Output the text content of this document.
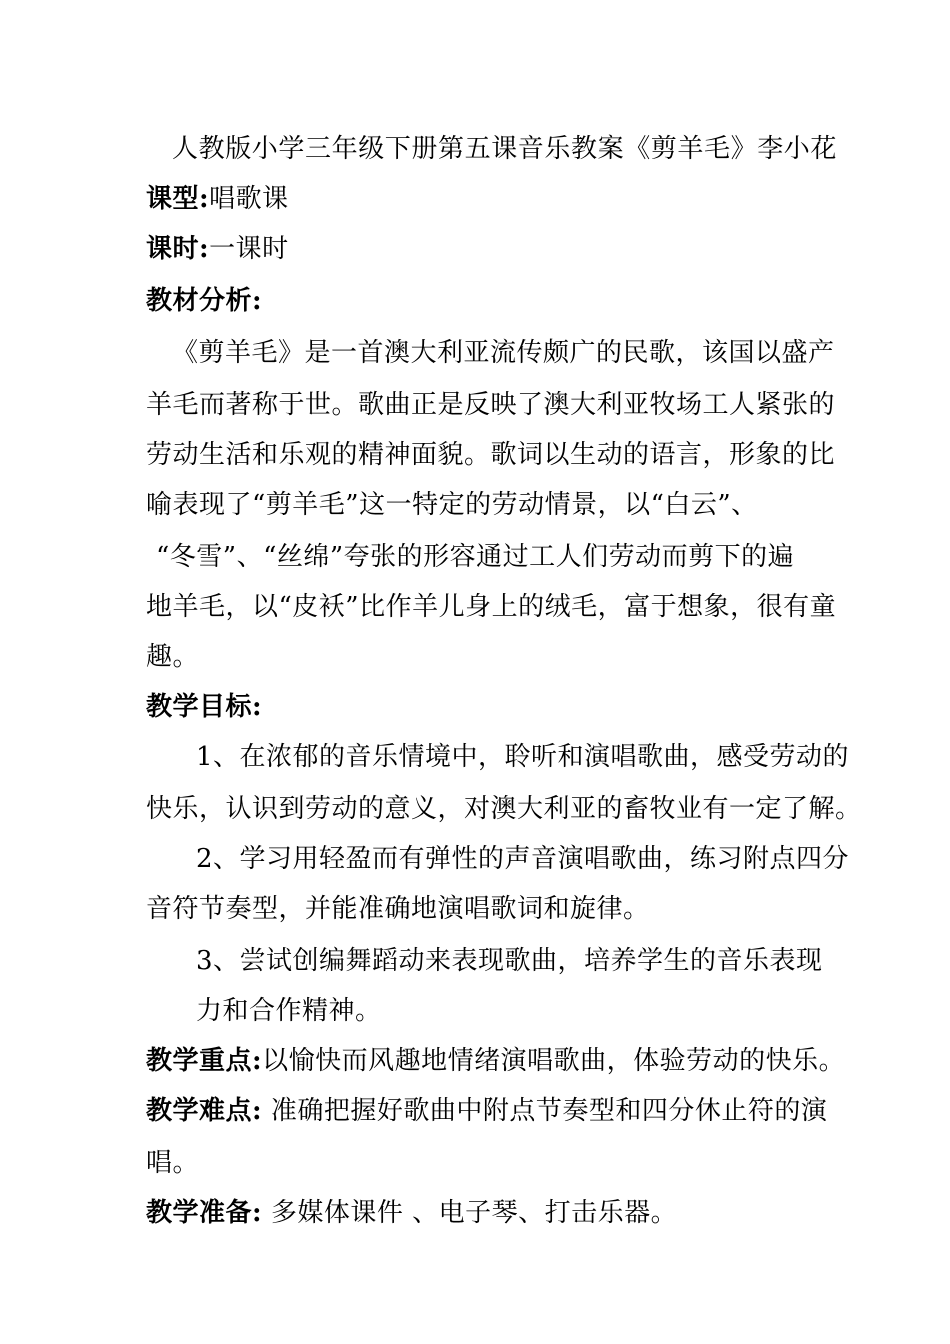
人教版小学三年级下册第五课音乐教案《剪羊毛》李小花
课型:唱歌课
课时:一课时
教材分析:
《剪羊毛》是一首澳大利亚流传颇广的民歌，该国以盛产
羊毛而著称于世。歌曲正是反映了澳大利亚牧场工人紧张的
劳动生活和乐观的精神面貌。歌词以生动的语言，形象的比
喻表现了“剪羊毛”这一特定的劳动情景，以“白云”、
“冬雪”、“丝绵”夸张的形容通过工人们劳动而剪下的遍
地羊毛，以“皮袄”比作羊儿身上的绒毛，富于想象，很有童
趣。
教学目标:
1、在浓郁的音乐情境中，聆听和演唱歌曲，感受劳动的
快乐，认识到劳动的意义，对澳大利亚的畜牧业有一定了解。
2、学习用轻盈而有弹性的声音演唱歌曲，练习附点四分
音符节奏型，并能准确地演唱歌词和旋律。
3、尝试创编舞蹈动来表现歌曲，培养学生的音乐表现
力和合作精神。
教学重点:以愉快而风趣地情绪演唱歌曲，体验劳动的快乐。
教学难点: 准确把握好歌曲中附点节奏型和四分休止符的演
唱。
教学准备: 多媒体课件 、电子琴、打击乐器。
